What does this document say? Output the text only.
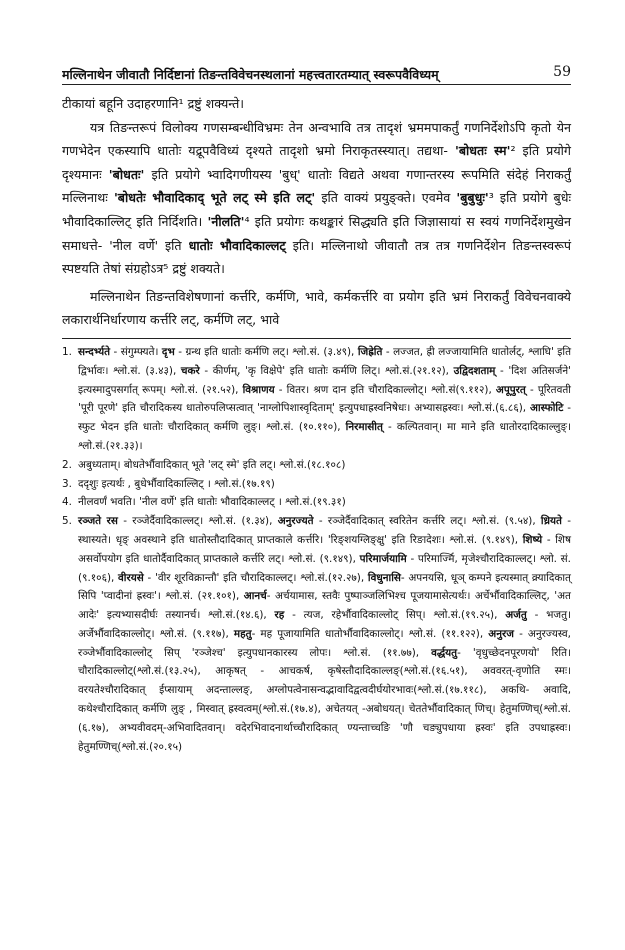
मल्लिनाथेन जीवातौ निर्दिष्टानां तिङन्तविवेचनस्थलानां महत्त्वतारतम्यात् स्वरूपवैविध्यम्	59

टीकायां बहूनि उदाहरणानि¹ द्रष्टुं शक्यन्ते।

यत्र तिङन्तरूपं विलोक्य गणसम्बन्धीविभ्रमः तेन अन्वभावि तत्र तादृशं भ्रममपाकर्तुं गणनिर्देशोऽपि कृतो येन गणभेदेन एकस्यापि धातोः यद्रूपवैविध्यं दृश्यते तादृशो भ्रमो निराकृतस्स्यात्। तद्यथा- 'बोधतः स्म'² इति प्रयोगे दृश्यमानः 'बोधतः' इति प्रयोगे भ्वादिगणीयस्य 'बुध्' धातोः विद्यते अथवा गणान्तरस्य रूपमिति संदेहं निराकर्तुं मल्लिनाथः 'बोधतेः भौवादिकाद् भूते लट् स्मे इति लट्' इति वाक्यं प्रयुङ्क्ते। एवमेव 'बुबुधुः'³ इति प्रयोगे बुधेः भौवादिकाल्लिट् इति निर्दिशति। 'नीलति'⁴ इति प्रयोगः कथङ्कारं सिद्ध्यति इति जिज्ञासायां स स्वयं गणनिर्देशमुखेन समाधत्ते- 'नील वर्णे' इति धातोः भौवादिकाल्लट् इति। मल्लिनाथो जीवातौ तत्र तत्र गणनिर्देशेन तिङन्तस्वरूपं स्पष्टयति तेषां संग्रहोऽत्र⁵ द्रष्टुं शक्यते।

मल्लिनाथेन तिङन्तविशेषणानां कर्त्तरि, कर्मणि, भावे, कर्मकर्त्तरि वा प्रयोग इति भ्रमं निराकर्तुं विवेचनवाक्ये लकारार्थनिर्धारणाय कर्त्तरि लट्, कर्मणि लट्, भावे

1. सन्दर्भ्यते - संगुम्फ्यते। दृभ - ग्रन्थ इति धातोः कर्मणि लट्। श्लो.सं. (३.४९), जिह्रेति - लज्जत, ह्री लज्जायामिति धातोर्लट्, श्लाघि' इति द्विर्भावः। श्लो.सं. (३.४३), चकरे - कीर्णम्, 'कृ विक्षेपे' इति धातोः कर्मणि लिट्। श्लो.सं.(२१.१२), उद्विदशताम् - 'दिश अतिसर्जने' इत्यस्मादुपसर्गात् रूपम्। श्लो.सं. (२१.५२), विश्राणय - वितर। श्रण दान इति चौरादिकाल्लोट्। श्लो.सं(९.११२), अपूपुरत् - पूरितवती 'पूरी पूरणे' इति चौरादिकस्य धातोरुपलिप्सत्वात् 'नाग्लोपिशास्वृदिताम्' इत्युपधाह्रस्वनिषेधः। अभ्यासह्रस्वः। श्लो.सं.(६.८६), आस्फोटि - स्फुट भेदन इति धातोः चौरादिकात् कर्मणि लुङ्। श्लो.सं. (१०.११०), निरमासीत् - कल्पितवान्। मा माने इति धातोरदादिकाल्लुङ्। श्लो.सं.(२१.३३)।
2. अबुध्यताम्। बोधतेर्भौवादिकात् भूते 'लट् स्मे' इति लट्। श्लो.सं.(१८.१०८)
3. ददृशुः इत्यर्थः , बुधेर्भौवादिकाल्लिट् । श्लो.सं.(१७.१९)
4. नीलवर्णं भवति। 'नील वर्णे' इति धातोः भौवादिकाल्लट् । श्लो.सं.(१९.३१)
5. रञ्जते रस - रञ्जेर्दैवादिकाल्लट्। श्लो.सं. (१.३४), अनुरज्यते - रञ्जेर्दैवादिकात् स्वरितेन कर्त्तरि लट्। श्लो.सं. (९.५४), ध्रियते - स्थास्यते। धृङ् अवस्थाने इति धातोस्तौदादिकात् प्राप्तकाले कर्त्तरि। 'रिङ्शयग्लिङ्क्षु' इति रिङादेशः। श्लो.सं. (९.१४९), शिष्ये - शिष असर्वोपयोग इति धातोर्दैवादिकात् प्राप्तकाले कर्त्तरि लट्। श्लो.सं. (९.१४९), परिमार्जयामि - परिमार्ज्मि, मृजेश्चौरादिकाल्लट्। श्लो. सं. (९.१०६), वीरयसे - 'वीर शूरविक्रान्तौ' इति चौरादिकाल्लट्। श्लो.सं.(१२.२७), विधुनासि- अपनयसि, धूञ् कम्पने इत्यस्मात् क्र्यादिकात् सिपि 'प्वादीनां ह्रस्वः'। श्लो.सं. (२१.१०१), आनर्च- अर्चयामास, स्तवैः पुष्पाञ्जलिभिश्च पूजयामासेत्यर्थः। अर्चेर्भौवादिकाल्लिट्, 'अत आदेः' इत्यभ्यासदीर्घः तस्यानर्च। श्लो.सं.(१४.६), रह - त्यज, रहेर्भौवादिकाल्लोट् सिप्। श्लो.सं.(१९.२५), अर्जतु - भजतु। अर्जेर्भौवादिकाल्लोट्। श्लो.सं. (९.११७), महतु- मह पूजायामिति धातोर्भौवादिकाल्लोट्। श्लो.सं. (११.१२२), अनुरज - अनुरज्यस्व, रञ्जेर्भौवादिकाल्लोट् सिप् 'रञ्जेश्च' इत्युपधानकारस्य लोपः। श्लो.सं. (११.७७), वर्द्धयतु- 'वृधुच्छेदनपूरणयो' रिति। चौरादिकाल्लोट्(श्लो.सं.(१३.२५), आकृषत् - आचकर्ष, कृषेस्तौदादिकाल्लङ्(श्लो.सं.(१६.५१), अववरत्-वृणोति स्मः। वरयतेश्चौरादिकात् ईप्सायाम् अदन्ताल्लङ्, अग्लोपत्वेनासन्वद्भावादिद्वत्वदीर्घयोरभावः(श्लो.सं.(१७.११८), अकथि- अवादि, कथेश्चौरादिकात् कर्मणि लुङ् , मिस्वात् ह्रस्वत्वम्(श्लो.सं.(१७.४), अचेतयत् -अबोधयत्। चेततेर्भौवादिकात् णिच्। हेतुमण्णिच्(श्लो.सं.(६.१७), अभ्यवीवदम्-अभिवादितवान्। वदेरभिवादनार्थाच्चौरादिकात् ण्यन्ताच्चङि 'णौ चङ्युपधाया ह्रस्वः' इति उपधाह्रस्वः। हेतुमण्णिच्(श्लो.सं.(२०.१५)
